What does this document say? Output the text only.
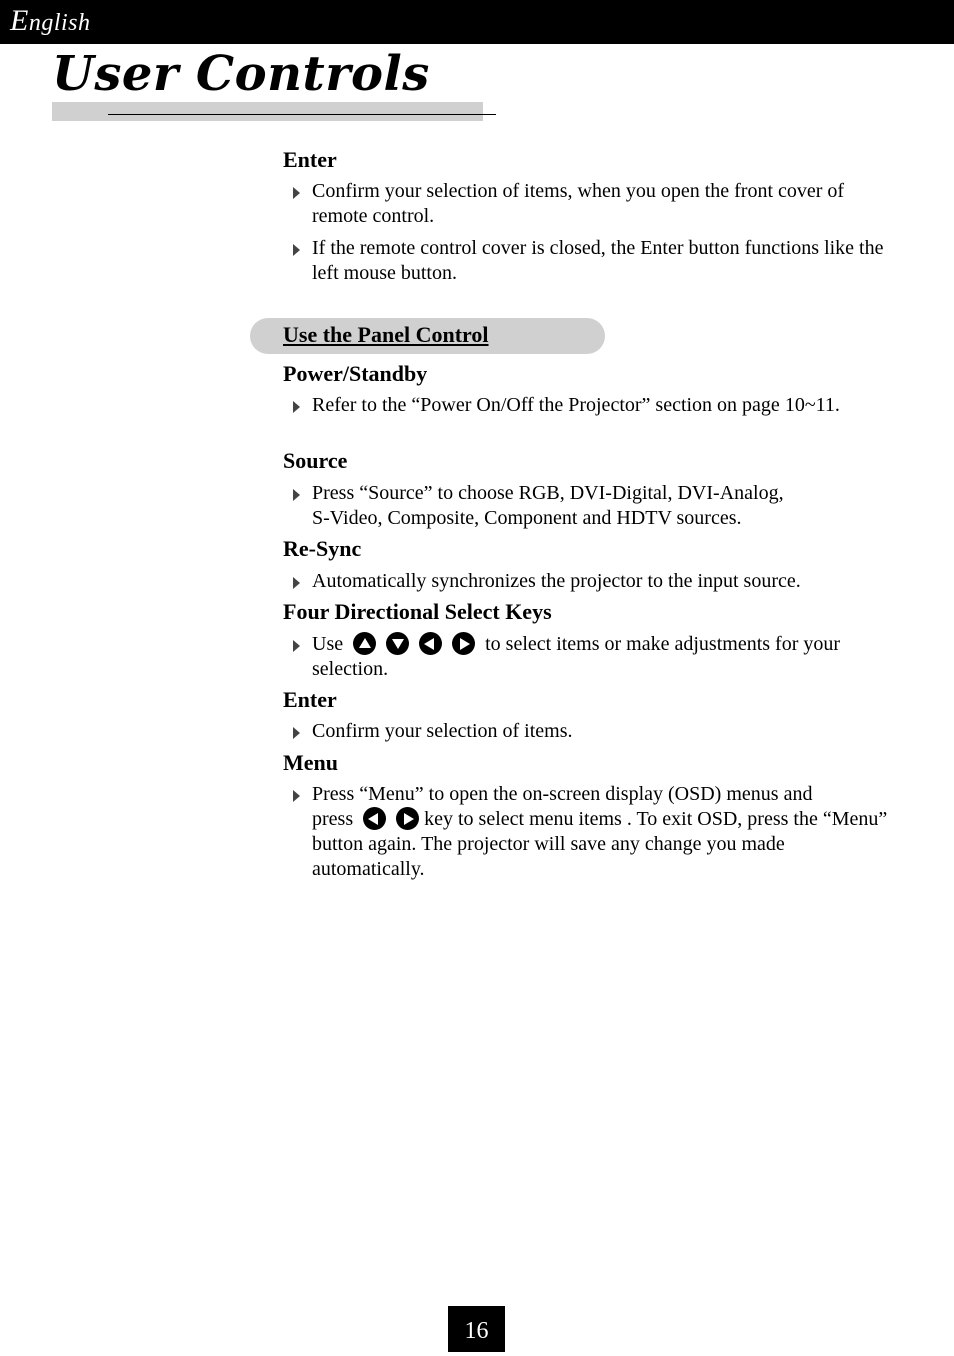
English
User Controls
Enter
Confirm your selection of items, when you open the front cover of remote control.
If the remote control cover is closed, the Enter button functions like the left mouse button.
Power/Standby
Refer to the “Power On/Off the Projector” section on page 10~11.
Source
Press “Source” to choose RGB, DVI-Digital, DVI-Analog,
S-Video, Composite, Component and HDTV sources.
Re-Sync
Automatically synchronizes the projector to the input source.
Four Directional Select Keys
Use	to select items or make adjustments for your selection.
Enter
Confirm your selection of items.
Menu
Press “Menu” to open the on-screen display (OSD) menus and
press	key to select menu items . To exit OSD, press the “Menu” button again. The projector will save any change you made automatically.
Use the Panel Control
16
